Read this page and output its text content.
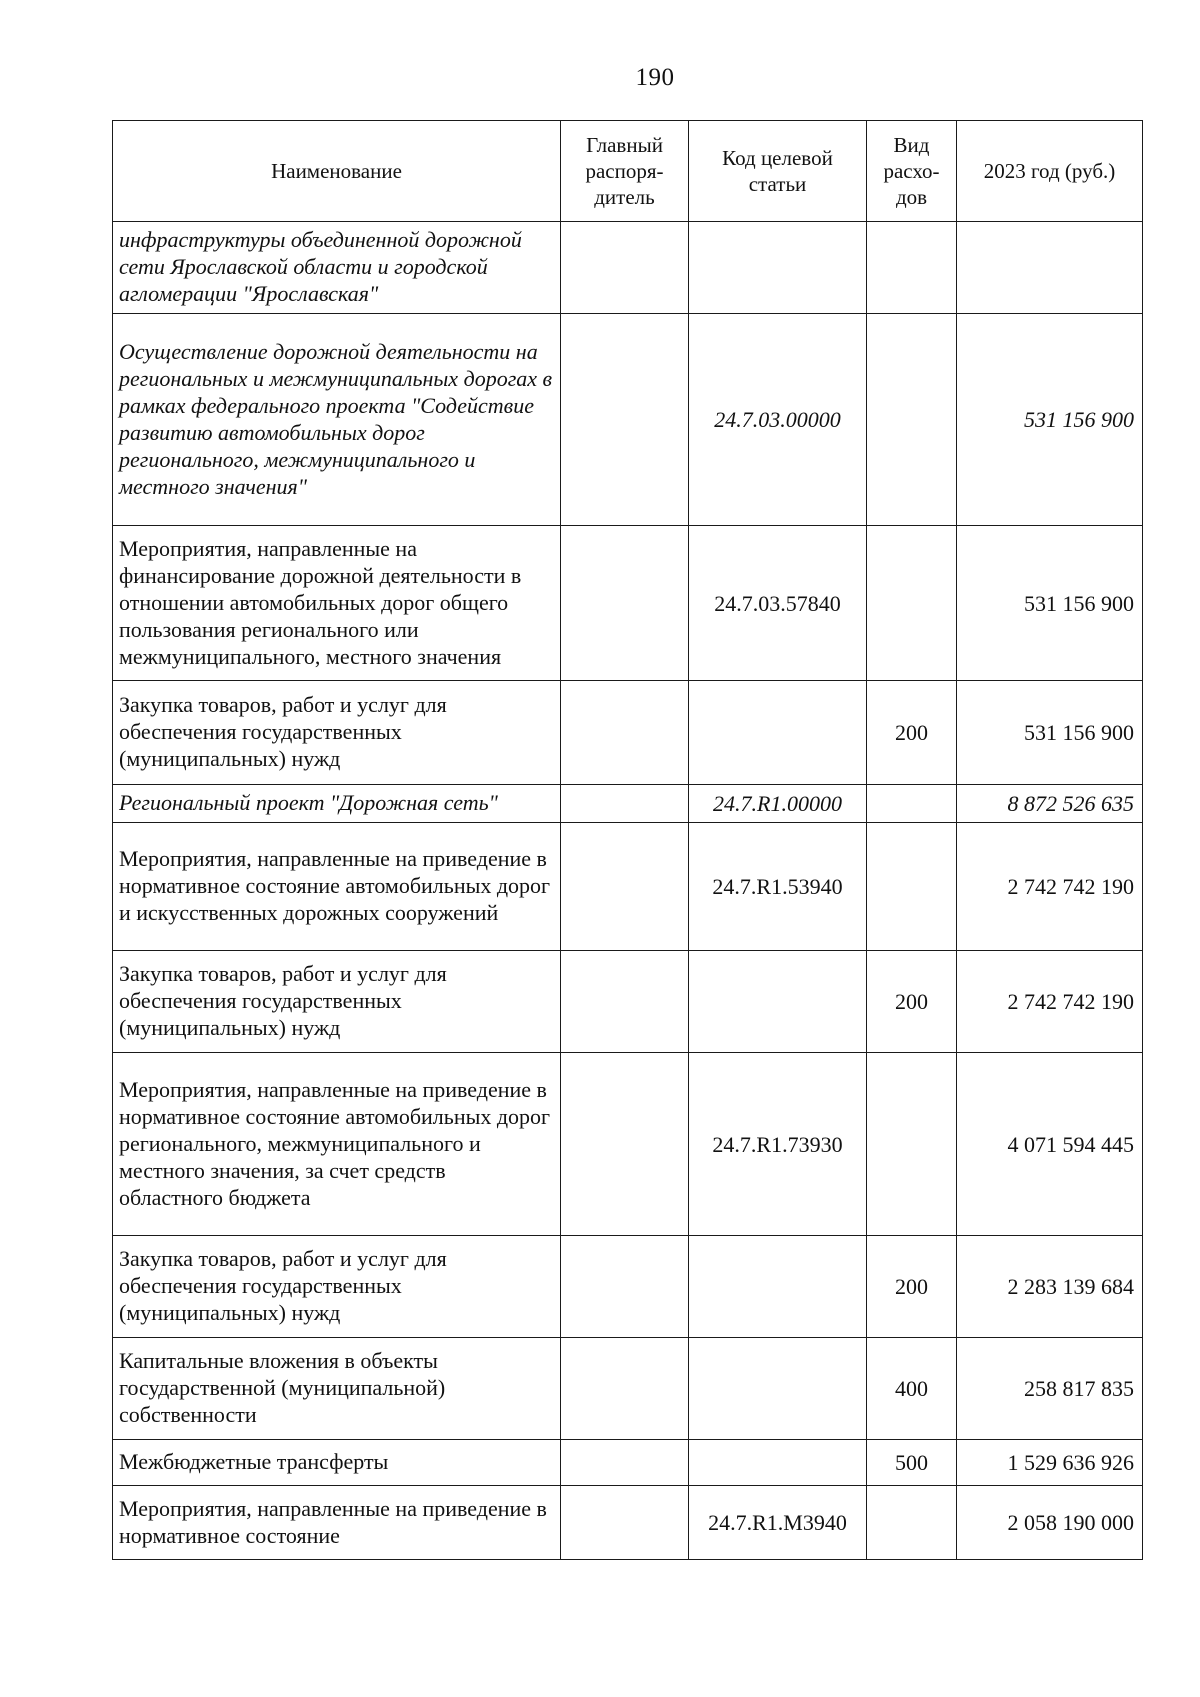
190
Наименование	Главный распоря-дитель	Код целевой статьи	Вид расхо-дов	2023 год (руб.)
инфраструктуры объединенной дорожной сети Ярославской области и городской агломерации "Ярославская"				
Осуществление дорожной деятельности на региональных и межмуниципальных дорогах в рамках федерального проекта "Содействие развитию автомобильных дорог регионального, межмуниципального и местного значения"		24.7.03.00000		531 156 900
Мероприятия, направленные на финансирование дорожной деятельности в отношении автомобильных дорог общего пользования регионального или межмуниципального, местного значения		24.7.03.57840		531 156 900
Закупка товаров, работ и услуг для обеспечения государственных (муниципальных) нужд			200	531 156 900
Региональный проект "Дорожная сеть"		24.7.R1.00000		8 872 526 635
Мероприятия, направленные на приведение в нормативное состояние автомобильных дорог и искусственных дорожных сооружений		24.7.R1.53940		2 742 742 190
Закупка товаров, работ и услуг для обеспечения государственных (муниципальных) нужд			200	2 742 742 190
Мероприятия, направленные на приведение в нормативное состояние автомобильных дорог регионального, межмуниципального и местного значения, за счет средств областного бюджета		24.7.R1.73930		4 071 594 445
Закупка товаров, работ и услуг для обеспечения государственных (муниципальных) нужд			200	2 283 139 684
Капитальные вложения в объекты государственной (муниципальной) собственности			400	258 817 835
Межбюджетные трансферты			500	1 529 636 926
Мероприятия, направленные на приведение в нормативное состояние		24.7.R1.M3940		2 058 190 000
